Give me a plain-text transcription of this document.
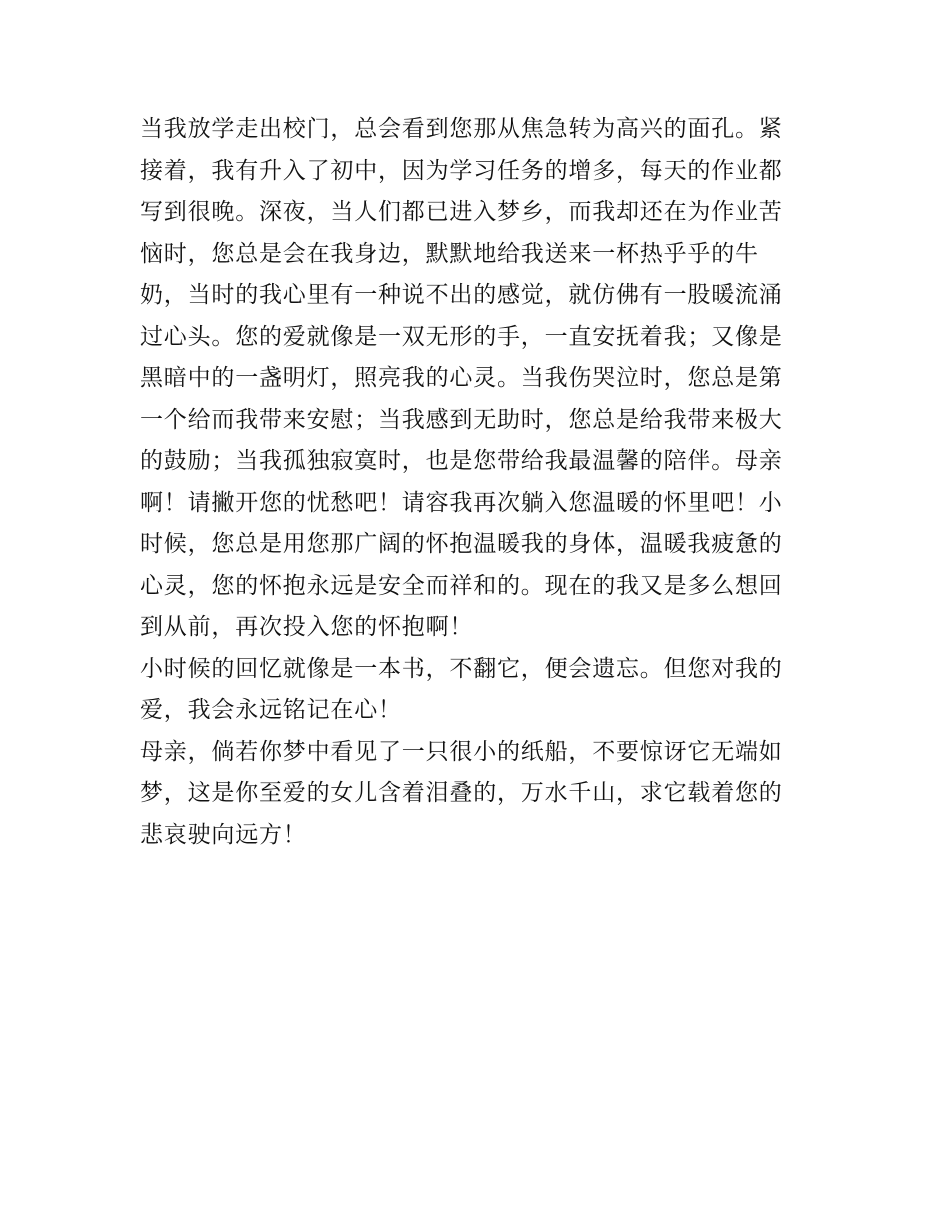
当我放学走出校门，总会看到您那从焦急转为高兴的面孔。紧
接着，我有升入了初中，因为学习任务的增多，每天的作业都
写到很晚。深夜，当人们都已进入梦乡，而我却还在为作业苦
恼时，您总是会在我身边，默默地给我送来一杯热乎乎的牛
奶，当时的我心里有一种说不出的感觉，就仿佛有一股暖流涌
过心头。您的爱就像是一双无形的手，一直安抚着我；又像是
黑暗中的一盏明灯，照亮我的心灵。当我伤哭泣时，您总是第
一个给而我带来安慰；当我感到无助时，您总是给我带来极大
的鼓励；当我孤独寂寞时，也是您带给我最温馨的陪伴。母亲
啊！请撇开您的忧愁吧！请容我再次躺入您温暖的怀里吧！小
时候，您总是用您那广阔的怀抱温暖我的身体，温暖我疲惫的
心灵，您的怀抱永远是安全而祥和的。现在的我又是多么想回
到从前，再次投入您的怀抱啊！
小时候的回忆就像是一本书，不翻它，便会遗忘。但您对我的
爱，我会永远铭记在心！
母亲，倘若你梦中看见了一只很小的纸船，不要惊讶它无端如
梦，这是你至爱的女儿含着泪叠的，万水千山，求它载着您的
悲哀驶向远方！
